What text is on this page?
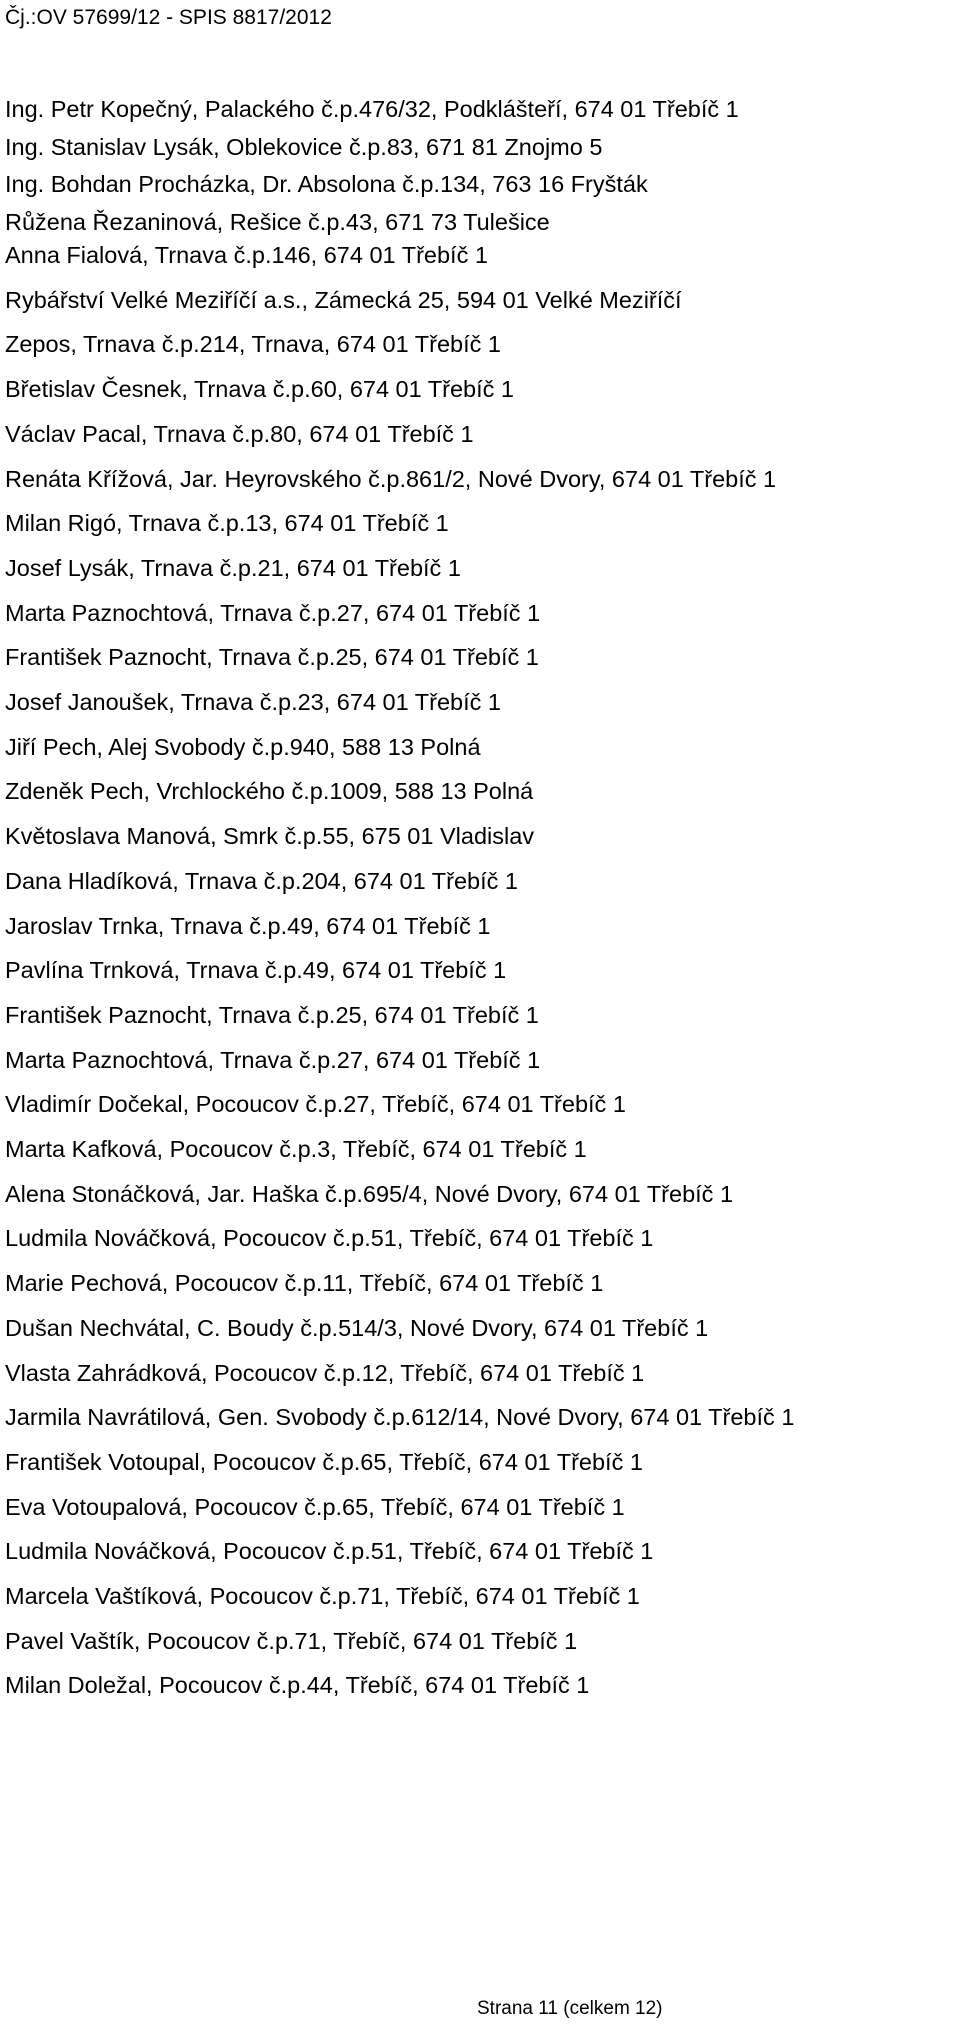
Čj.:OV 57699/12 - SPIS 8817/2012
Ing. Petr Kopečný, Palackého č.p.476/32, Podklášteří, 674 01 Třebíč 1
Ing. Stanislav Lysák, Oblekovice č.p.83, 671 81 Znojmo 5
Ing. Bohdan Procházka, Dr. Absolona č.p.134, 763 16 Fryšták
Růžena Řezaninová, Rešice č.p.43, 671 73 Tulešice
Anna Fialová, Trnava č.p.146, 674 01 Třebíč 1
Rybářství Velké Meziříčí a.s., Zámecká 25, 594 01 Velké Meziříčí
Zepos, Trnava č.p.214, Trnava, 674 01 Třebíč 1
Břetislav Česnek, Trnava č.p.60, 674 01 Třebíč 1
Václav Pacal, Trnava č.p.80, 674 01 Třebíč 1
Renáta Křížová, Jar. Heyrovského č.p.861/2, Nové Dvory, 674 01 Třebíč 1
Milan Rigó, Trnava č.p.13, 674 01 Třebíč 1
Josef Lysák, Trnava č.p.21, 674 01 Třebíč 1
Marta Paznochtová, Trnava č.p.27, 674 01 Třebíč 1
František Paznocht, Trnava č.p.25, 674 01 Třebíč 1
Josef Janoušek, Trnava č.p.23, 674 01 Třebíč 1
Jiří Pech, Alej Svobody č.p.940, 588 13 Polná
Zdeněk Pech, Vrchlockého č.p.1009, 588 13 Polná
Květoslava Manová, Smrk č.p.55, 675 01 Vladislav
Dana Hladíková, Trnava č.p.204, 674 01 Třebíč 1
Jaroslav Trnka, Trnava č.p.49, 674 01 Třebíč 1
Pavlína Trnková, Trnava č.p.49, 674 01 Třebíč 1
František Paznocht, Trnava č.p.25, 674 01 Třebíč 1
Marta Paznochtová, Trnava č.p.27, 674 01 Třebíč 1
Vladimír Dočekal, Pocoucov č.p.27, Třebíč, 674 01 Třebíč 1
Marta Kafková, Pocoucov č.p.3, Třebíč, 674 01 Třebíč 1
Alena Stonáčková, Jar. Haška č.p.695/4, Nové Dvory, 674 01 Třebíč 1
Ludmila Nováčková, Pocoucov č.p.51, Třebíč, 674 01 Třebíč 1
Marie Pechová, Pocoucov č.p.11, Třebíč, 674 01 Třebíč 1
Dušan Nechvátal, C. Boudy č.p.514/3, Nové Dvory, 674 01 Třebíč 1
Vlasta Zahrádková, Pocoucov č.p.12, Třebíč, 674 01 Třebíč 1
Jarmila Navrátilová, Gen. Svobody č.p.612/14, Nové Dvory, 674 01 Třebíč 1
František Votoupal, Pocoucov č.p.65, Třebíč, 674 01 Třebíč 1
Eva Votoupalová, Pocoucov č.p.65, Třebíč, 674 01 Třebíč 1
Ludmila Nováčková, Pocoucov č.p.51, Třebíč, 674 01 Třebíč 1
Marcela Vaštíková, Pocoucov č.p.71, Třebíč, 674 01 Třebíč 1
Pavel Vaštík, Pocoucov č.p.71, Třebíč, 674 01 Třebíč 1
Milan Doležal, Pocoucov č.p.44, Třebíč, 674 01 Třebíč 1
Strana 11 (celkem 12)
